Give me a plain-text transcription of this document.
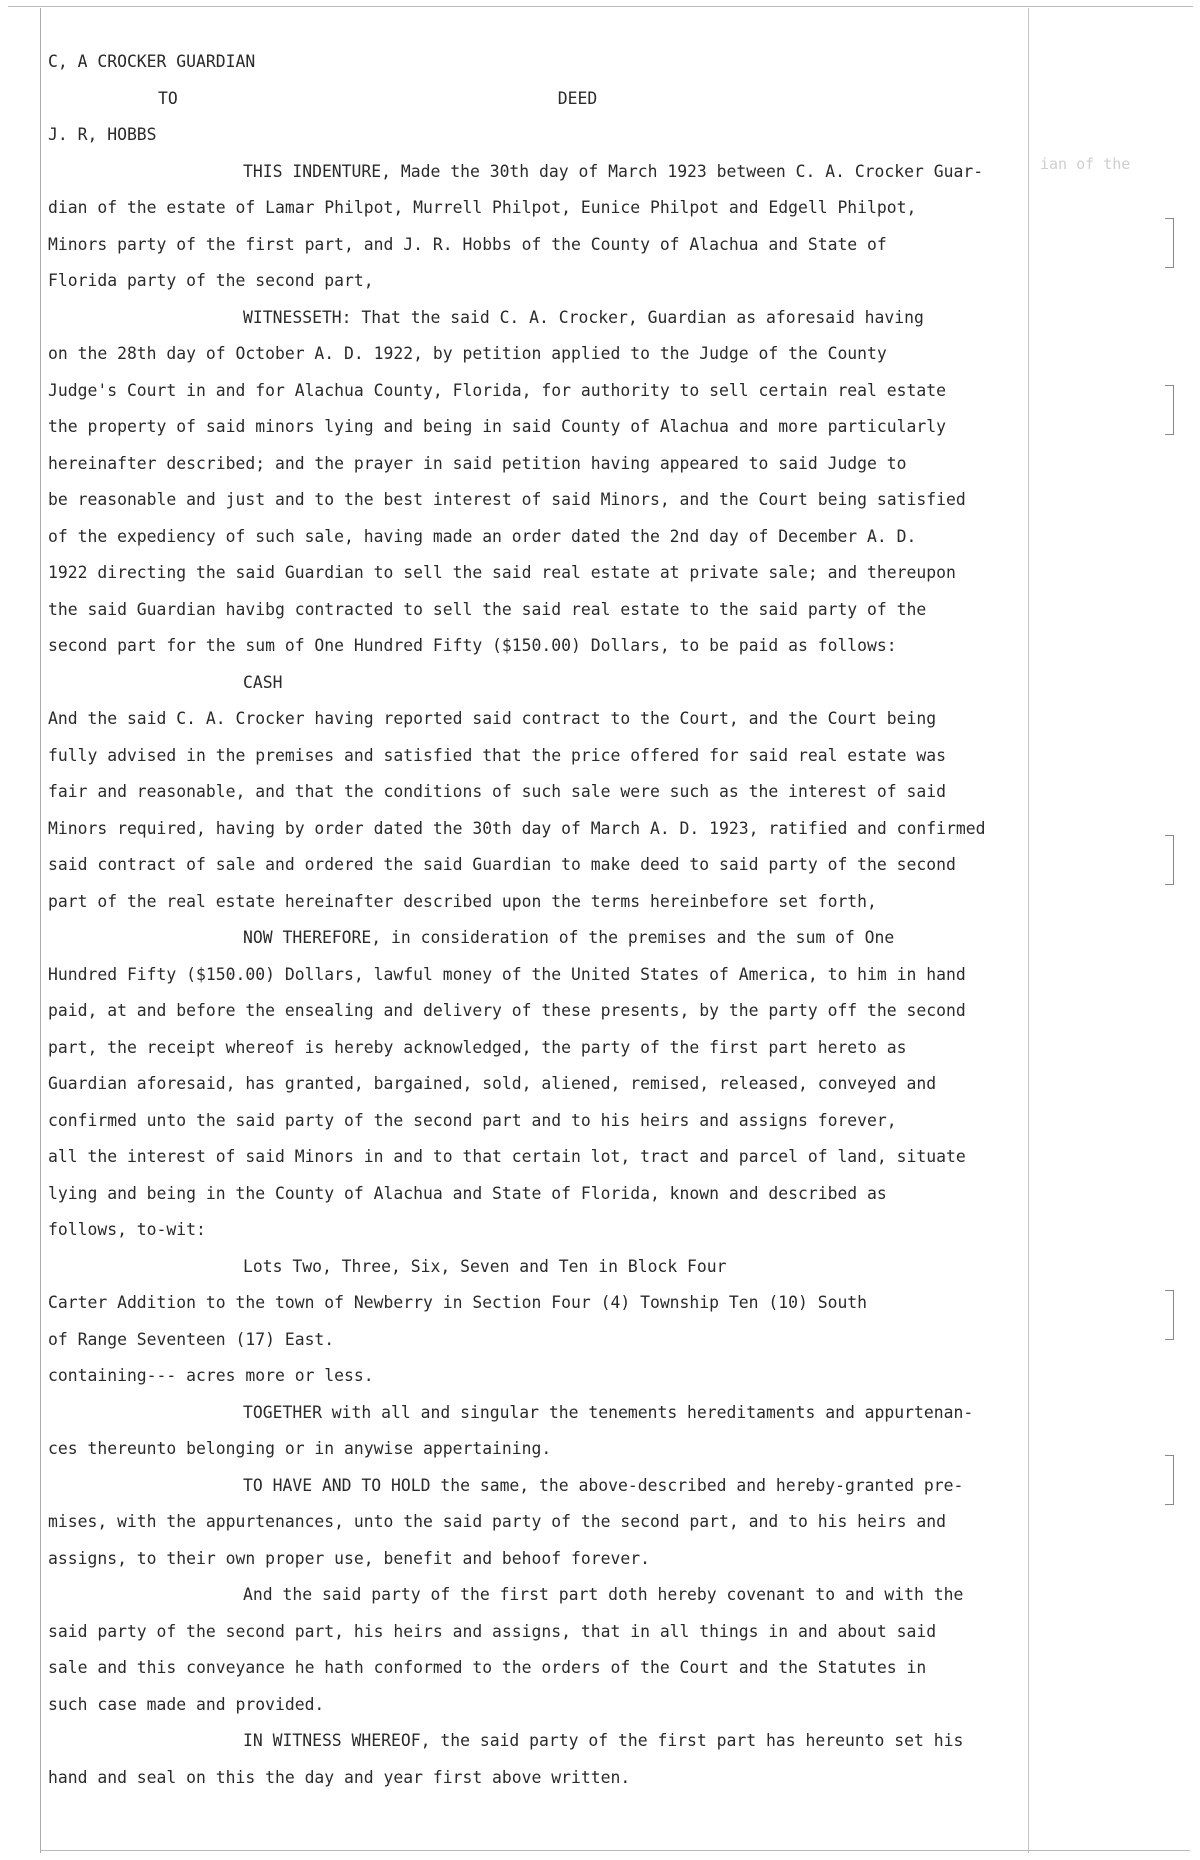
ian of the

C, A CROCKER GUARDIAN

TO	DEED

J. R, HOBBS

THIS INDENTURE, Made the 30th day of March 1923 between C. A. Crocker Guar-

dian of the estate of Lamar Philpot, Murrell Philpot, Eunice Philpot and Edgell Philpot,

Minors party of the first part, and J. R. Hobbs of the County of Alachua and State of

Florida party of the second part,

WITNESSETH: That the said C. A. Crocker, Guardian as aforesaid having

on the 28th day of October A. D. 1922, by petition applied to the Judge of the County

Judge's Court in and for Alachua County, Florida, for authority to sell certain real estate

the property of said minors lying and being in said County of Alachua and more particularly

hereinafter described; and the prayer in said petition having appeared to said Judge to

be reasonable and just and to the best interest of said Minors, and the Court being satisfied

of the expediency of such sale, having made an order dated the 2nd day of December A. D.

1922 directing the said Guardian to sell the said real estate at private sale; and thereupon

the said Guardian havibg contracted to sell the said real estate to the said party of the

second part for the sum of One Hundred Fifty ($150.00) Dollars, to be paid as follows:

CASH

And the said C. A. Crocker having reported said contract to the Court, and the Court being

fully advised in the premises and satisfied that the price offered for said real estate was

fair and reasonable, and that the conditions of such sale were such as the interest of said

Minors required, having by order dated the 30th day of March A. D. 1923, ratified and confirmed

said contract of sale and ordered the said Guardian to make deed to said party of the second

part of the real estate hereinafter described upon the terms hereinbefore set forth,

NOW THEREFORE, in consideration of the premises and the sum of One

Hundred Fifty ($150.00) Dollars, lawful money of the United States of America, to him in hand

paid, at and before the ensealing and delivery of these presents, by the party off the second

part, the receipt whereof is hereby acknowledged, the party of the first part hereto as

Guardian aforesaid, has granted, bargained, sold, aliened, remised, released, conveyed and

confirmed unto the said party of the second part and to his heirs and assigns forever,

all the interest of said Minors in and to that certain lot, tract and parcel of land, situate

lying and being in the County of Alachua and State of Florida, known and described as

follows, to-wit:

Lots Two, Three, Six, Seven and Ten in Block Four

Carter Addition to the town of Newberry in Section Four (4) Township Ten (10) South

of Range Seventeen (17) East.

containing--- acres more or less.

TOGETHER with all and singular the tenements hereditaments and appurtenan-

ces thereunto belonging or in anywise appertaining.

TO HAVE AND TO HOLD the same, the above-described and hereby-granted pre-

mises, with the appurtenances, unto the said party of the second part, and to his heirs and

assigns, to their own proper use, benefit and behoof forever.

And the said party of the first part doth hereby covenant to and with the

said party of the second part, his heirs and assigns, that in all things in and about said

sale and this conveyance he hath conformed to the orders of the Court and the Statutes in

such case made and provided.

IN WITNESS WHEREOF, the said party of the first part has hereunto set his

hand and seal on this the day and year first above written.
